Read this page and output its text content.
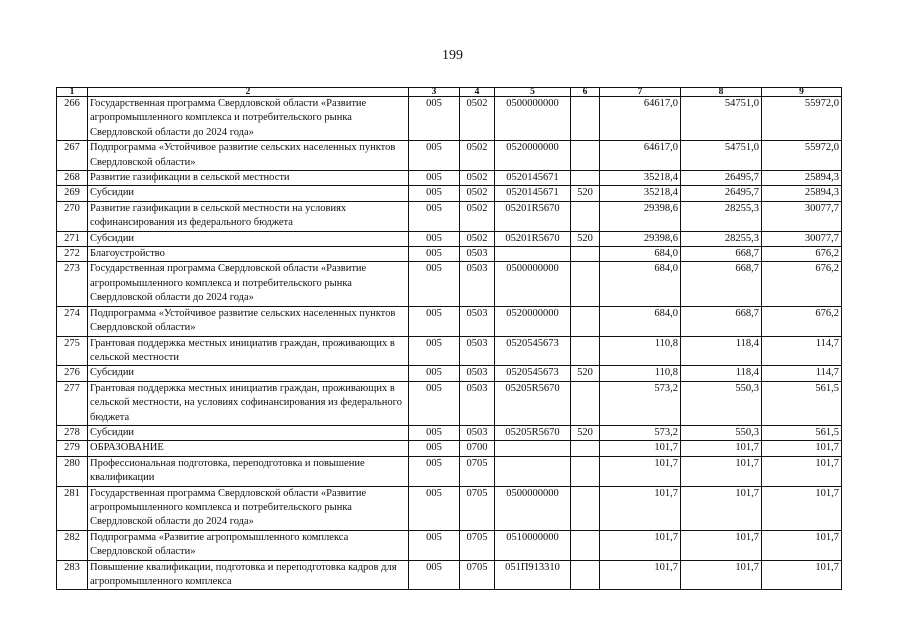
199
1	2	3	4	5	6	7	8	9
266	Государственная программа Свердловской области «Развитие агропромышленного комплекса и потребительского рынка Свердловской области до 2024 года»	005	0502	0500000000		64617,0	54751,0	55972,0
267	Подпрограмма «Устойчивое развитие сельских населенных пунктов Свердловской области»	005	0502	0520000000		64617,0	54751,0	55972,0
268	Развитие газификации в сельской местности	005	0502	0520145671		35218,4	26495,7	25894,3
269	Субсидии	005	0502	0520145671	520	35218,4	26495,7	25894,3
270	Развитие газификации в сельской местности на условиях софинансирования из федерального бюджета	005	0502	05201R5670		29398,6	28255,3	30077,7
271	Субсидии	005	0502	05201R5670	520	29398,6	28255,3	30077,7
272	Благоустройство	005	0503			684,0	668,7	676,2
273	Государственная программа Свердловской области «Развитие агропромышленного комплекса и потребительского рынка Свердловской области до 2024 года»	005	0503	0500000000		684,0	668,7	676,2
274	Подпрограмма «Устойчивое развитие сельских населенных пунктов Свердловской области»	005	0503	0520000000		684,0	668,7	676,2
275	Грантовая поддержка местных инициатив граждан, проживающих в сельской местности	005	0503	0520545673		110,8	118,4	114,7
276	Субсидии	005	0503	0520545673	520	110,8	118,4	114,7
277	Грантовая поддержка местных инициатив граждан, проживающих в сельской местности, на условиях софинансирования из федерального бюджета	005	0503	05205R5670		573,2	550,3	561,5
278	Субсидии	005	0503	05205R5670	520	573,2	550,3	561,5
279	ОБРАЗОВАНИЕ	005	0700			101,7	101,7	101,7
280	Профессиональная подготовка, переподготовка и повышение квалификации	005	0705			101,7	101,7	101,7
281	Государственная программа Свердловской области «Развитие агропромышленного комплекса и потребительского рынка Свердловской области до 2024 года»	005	0705	0500000000		101,7	101,7	101,7
282	Подпрограмма «Развитие агропромышленного комплекса Свердловской области»	005	0705	0510000000		101,7	101,7	101,7
283	Повышение квалификации, подготовка и переподготовка кадров для агропромышленного комплекса	005	0705	051П913310		101,7	101,7	101,7
